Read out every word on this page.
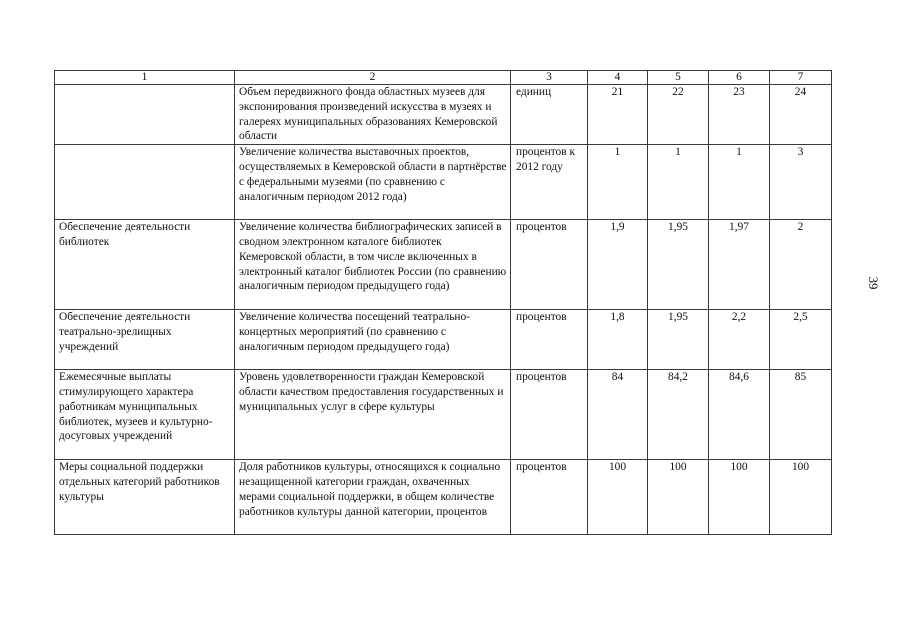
1	2	3	4	5	6	7
	Объем передвижного фонда областных музеев для экспонирования произведений искусства в музеях и галереях муниципальных образованиях Кемеровской области	единиц	21	22	23	24
	Увеличение количества выставочных проектов, осуществляемых в Кемеровской области в партнёрстве с федеральными музеями (по сравнению с аналогичным периодом 2012 года)	процентов к 2012 году	1	1	1	3
Обеспечение деятельности библиотек	Увеличение количества библиографических записей в сводном электронном каталоге библиотек Кемеровской области, в том числе включенных в электронный каталог библиотек России (по сравнению аналогичным периодом предыдущего года)	процентов	1,9	1,95	1,97	2
Обеспечение деятельности театрально-зрелищных учреждений	Увеличение количества посещений театрально-концертных мероприятий (по сравнению с аналогичным периодом предыдущего года)	процентов	1,8	1,95	2,2	2,5
Ежемесячные выплаты стимулирующего характера работникам муниципальных библиотек, музеев и культурно-досуговых учреждений	Уровень удовлетворенности граждан Кемеровской области качеством предоставления государственных и муниципальных услуг в сфере культуры	процентов	84	84,2	84,6	85
Меры социальной поддержки отдельных категорий работников культуры	Доля работников культуры, относящихся к социально незащищенной категории граждан, охваченных мерами социальной поддержки, в общем количестве работников культуры данной категории, процентов	процентов	100	100	100	100
39
